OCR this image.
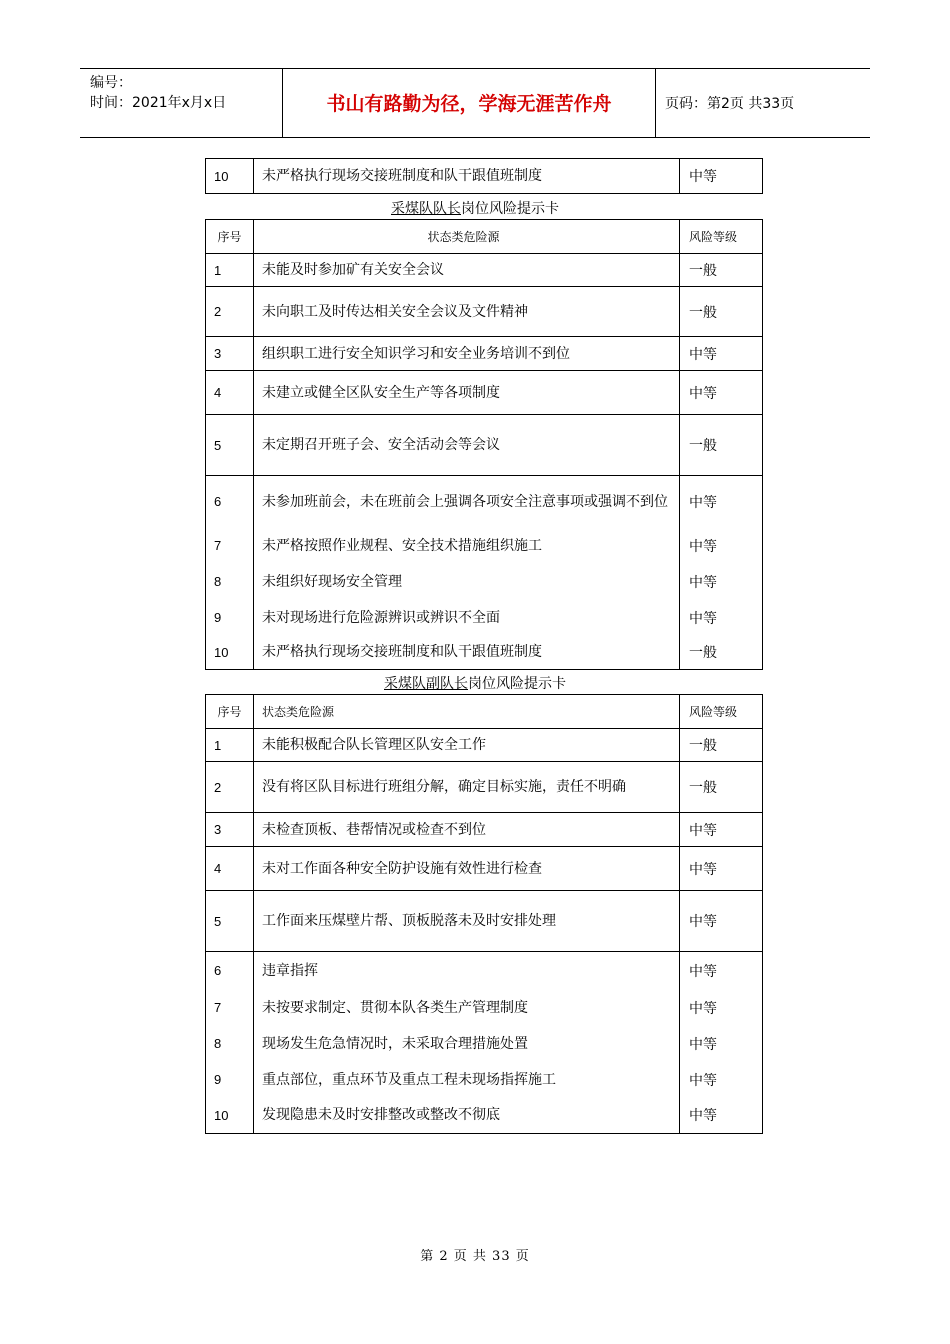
编号：
时间：2021年x月x日	书山有路勤为径，学海无涯苦作舟	页码：第2页 共33页
10	未严格执行现场交接班制度和队干跟值班制度	中等
采煤队队长岗位风险提示卡
序号	状态类危险源	风险等级
1	未能及时参加矿有关安全会议	一般
2	未向职工及时传达相关安全会议及文件精神	一般
3	组织职工进行安全知识学习和安全业务培训不到位	中等
4	未建立或健全区队安全生产等各项制度	中等
5	未定期召开班子会、安全活动会等会议	一般
6	未参加班前会，未在班前会上强调各项安全注意事项或强调不到位	中等
7	未严格按照作业规程、安全技术措施组织施工	中等
8	未组织好现场安全管理	中等
9	未对现场进行危险源辨识或辨识不全面	中等
10	未严格执行现场交接班制度和队干跟值班制度	一般
采煤队副队长岗位风险提示卡
序号	状态类危险源	风险等级
1	未能积极配合队长管理区队安全工作	一般
2	没有将区队目标进行班组分解，确定目标实施，责任不明确	一般
3	未检查顶板、巷帮情况或检查不到位	中等
4	未对工作面各种安全防护设施有效性进行检查	中等
5	工作面来压煤壁片帮、顶板脱落未及时安排处理	中等
6	违章指挥	中等
7	未按要求制定、贯彻本队各类生产管理制度	中等
8	现场发生危急情况时，未采取合理措施处置	中等
9	重点部位，重点环节及重点工程未现场指挥施工	中等
10	发现隐患未及时安排整改或整改不彻底	中等
第 2 页 共 33 页
